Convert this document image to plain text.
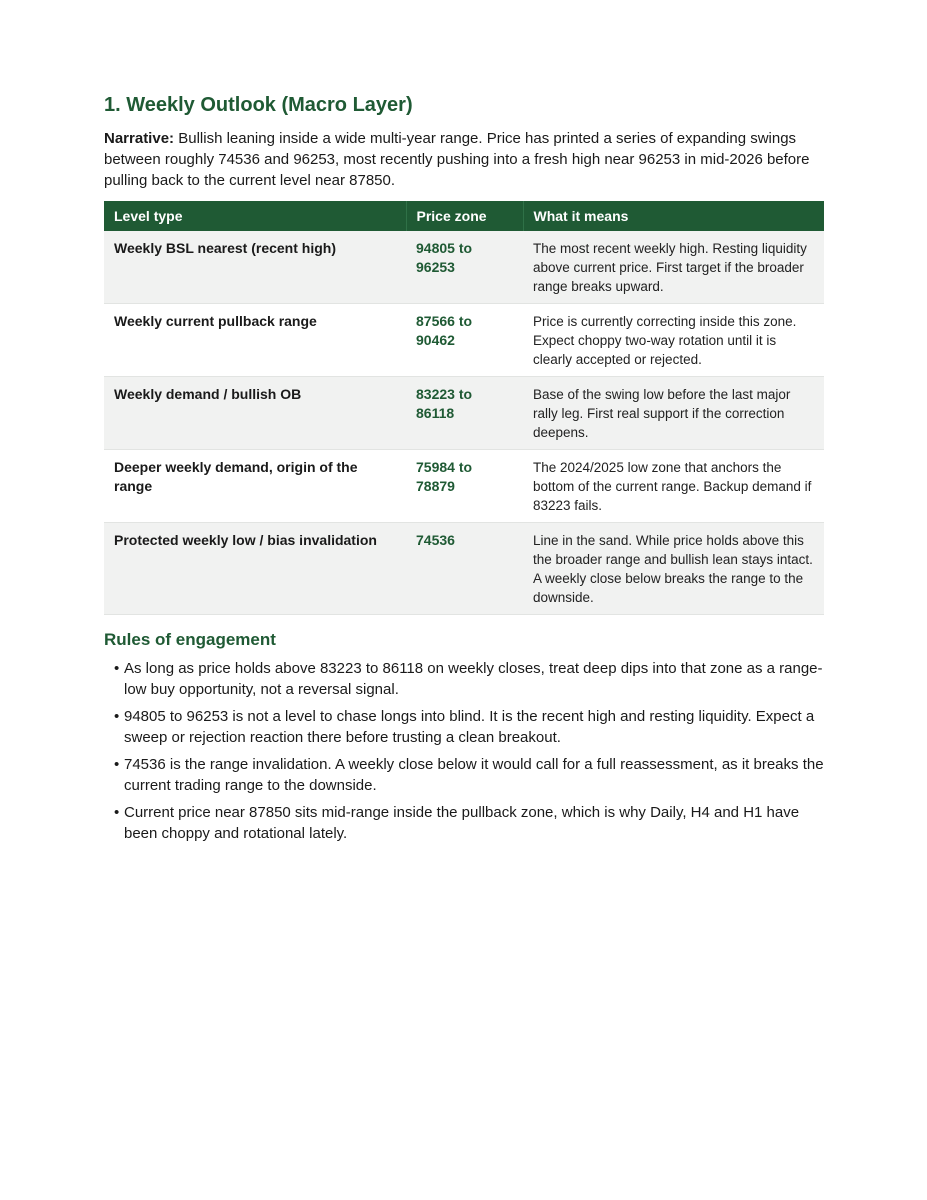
1. Weekly Outlook (Macro Layer)

Narrative: Bullish leaning inside a wide multi-year range. Price has printed a series of expanding swings between roughly 74536 and 96253, most recently pushing into a fresh high near 96253 in mid-2026 before pulling back to the current level near 87850.

Level type	Price zone	What it means
Weekly BSL nearest (recent high)	94805 to 96253	The most recent weekly high. Resting liquidity above current price. First target if the broader range breaks upward.
Weekly current pullback range	87566 to 90462	Price is currently correcting inside this zone. Expect choppy two-way rotation until it is clearly accepted or rejected.
Weekly demand / bullish OB	83223 to 86118	Base of the swing low before the last major rally leg. First real support if the correction deepens.
Deeper weekly demand, origin of the range	75984 to 78879	The 2024/2025 low zone that anchors the bottom of the current range. Backup demand if 83223 fails.
Protected weekly low / bias invalidation	74536	Line in the sand. While price holds above this the broader range and bullish lean stays intact. A weekly close below breaks the range to the downside.
Rules of engagement
• As long as price holds above 83223 to 86118 on weekly closes, treat deep dips into that zone as a range-low buy opportunity, not a reversal signal.
• 94805 to 96253 is not a level to chase longs into blind. It is the recent high and resting liquidity. Expect a sweep or rejection reaction there before trusting a clean breakout.
• 74536 is the range invalidation. A weekly close below it would call for a full reassessment, as it breaks the current trading range to the downside.
• Current price near 87850 sits mid-range inside the pullback zone, which is why Daily, H4 and H1 have been choppy and rotational lately.
